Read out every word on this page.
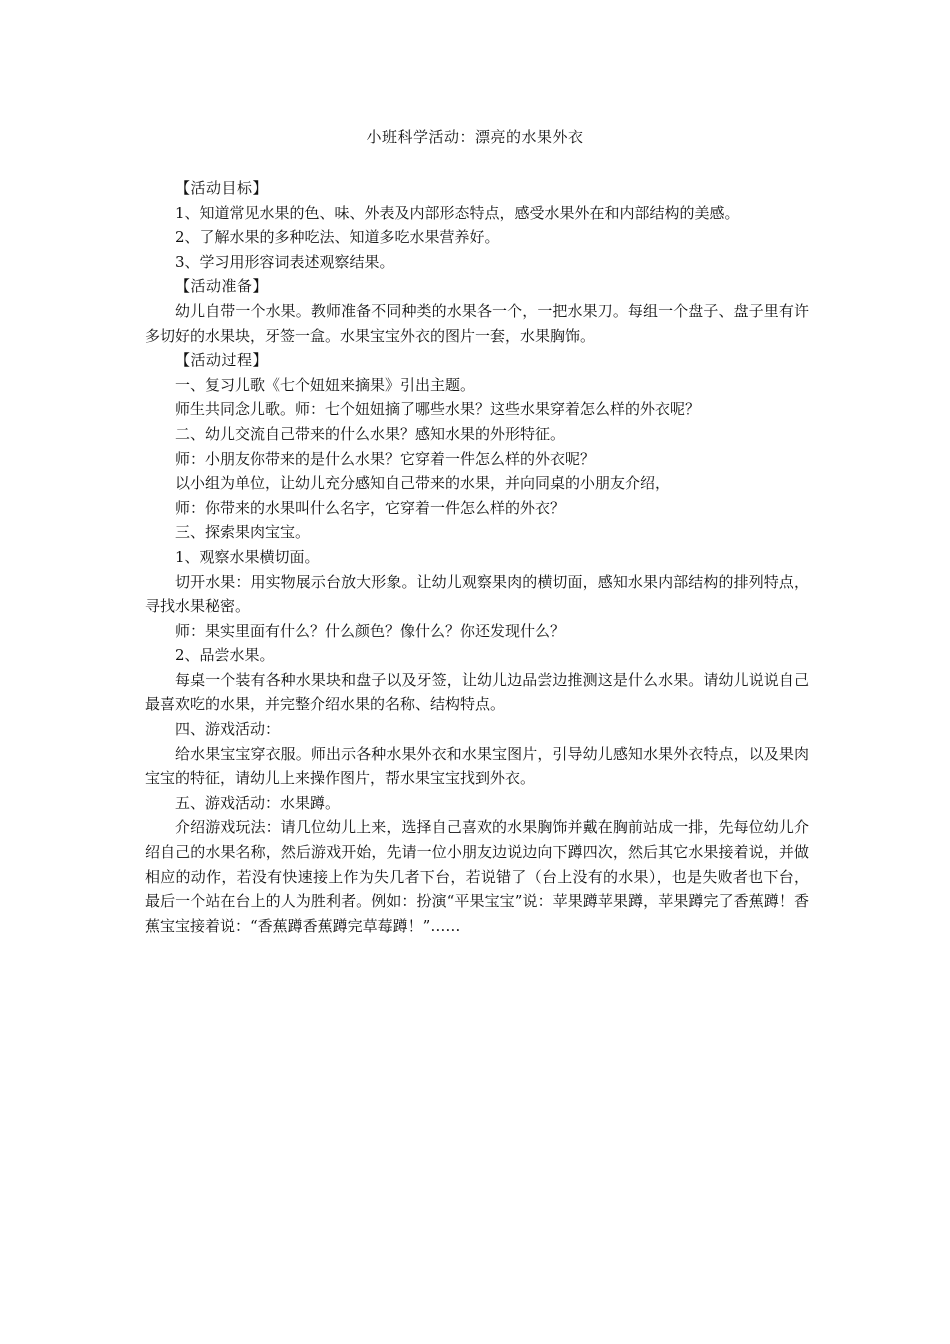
小班科学活动：漂亮的水果外衣

【活动目标】

1、知道常见水果的色、味、外表及内部形态特点，感受水果外在和内部结构的美感。

2、了解水果的多种吃法、知道多吃水果营养好。

3、学习用形容词表述观察结果。

【活动准备】

幼儿自带一个水果。教师准备不同种类的水果各一个，一把水果刀。每组一个盘子、盘子里有许多切好的水果块，牙签一盒。水果宝宝外衣的图片一套，水果胸饰。

【活动过程】

一、复习儿歌《七个妞妞来摘果》引出主题。

师生共同念儿歌。师：七个妞妞摘了哪些水果？这些水果穿着怎么样的外衣呢？

二、幼儿交流自己带来的什么水果？感知水果的外形特征。

师：小朋友你带来的是什么水果？它穿着一件怎么样的外衣呢？

以小组为单位，让幼儿充分感知自己带来的水果，并向同桌的小朋友介绍，

师：你带来的水果叫什么名字，它穿着一件怎么样的外衣？

三、探索果肉宝宝。

1、观察水果横切面。

切开水果：用实物展示台放大形象。让幼儿观察果肉的横切面，感知水果内部结构的排列特点，寻找水果秘密。

师：果实里面有什么？什么颜色？像什么？你还发现什么？

2、品尝水果。

每桌一个装有各种水果块和盘子以及牙签，让幼儿边品尝边推测这是什么水果。请幼儿说说自己最喜欢吃的水果，并完整介绍水果的名称、结构特点。

四、游戏活动：

给水果宝宝穿衣服。师出示各种水果外衣和水果宝图片，引导幼儿感知水果外衣特点，以及果肉宝宝的特征，请幼儿上来操作图片，帮水果宝宝找到外衣。

五、游戏活动：水果蹲。

介绍游戏玩法：请几位幼儿上来，选择自己喜欢的水果胸饰并戴在胸前站成一排，先每位幼儿介绍自己的水果名称，然后游戏开始，先请一位小朋友边说边向下蹲四次，然后其它水果接着说，并做相应的动作，若没有快速接上作为失几者下台，若说错了（台上没有的水果），也是失败者也下台，最后一个站在台上的人为胜利者。例如：扮演“平果宝宝”说：苹果蹲苹果蹲，苹果蹲完了香蕉蹲！香蕉宝宝接着说：“香蕉蹲香蕉蹲完草莓蹲！”……
